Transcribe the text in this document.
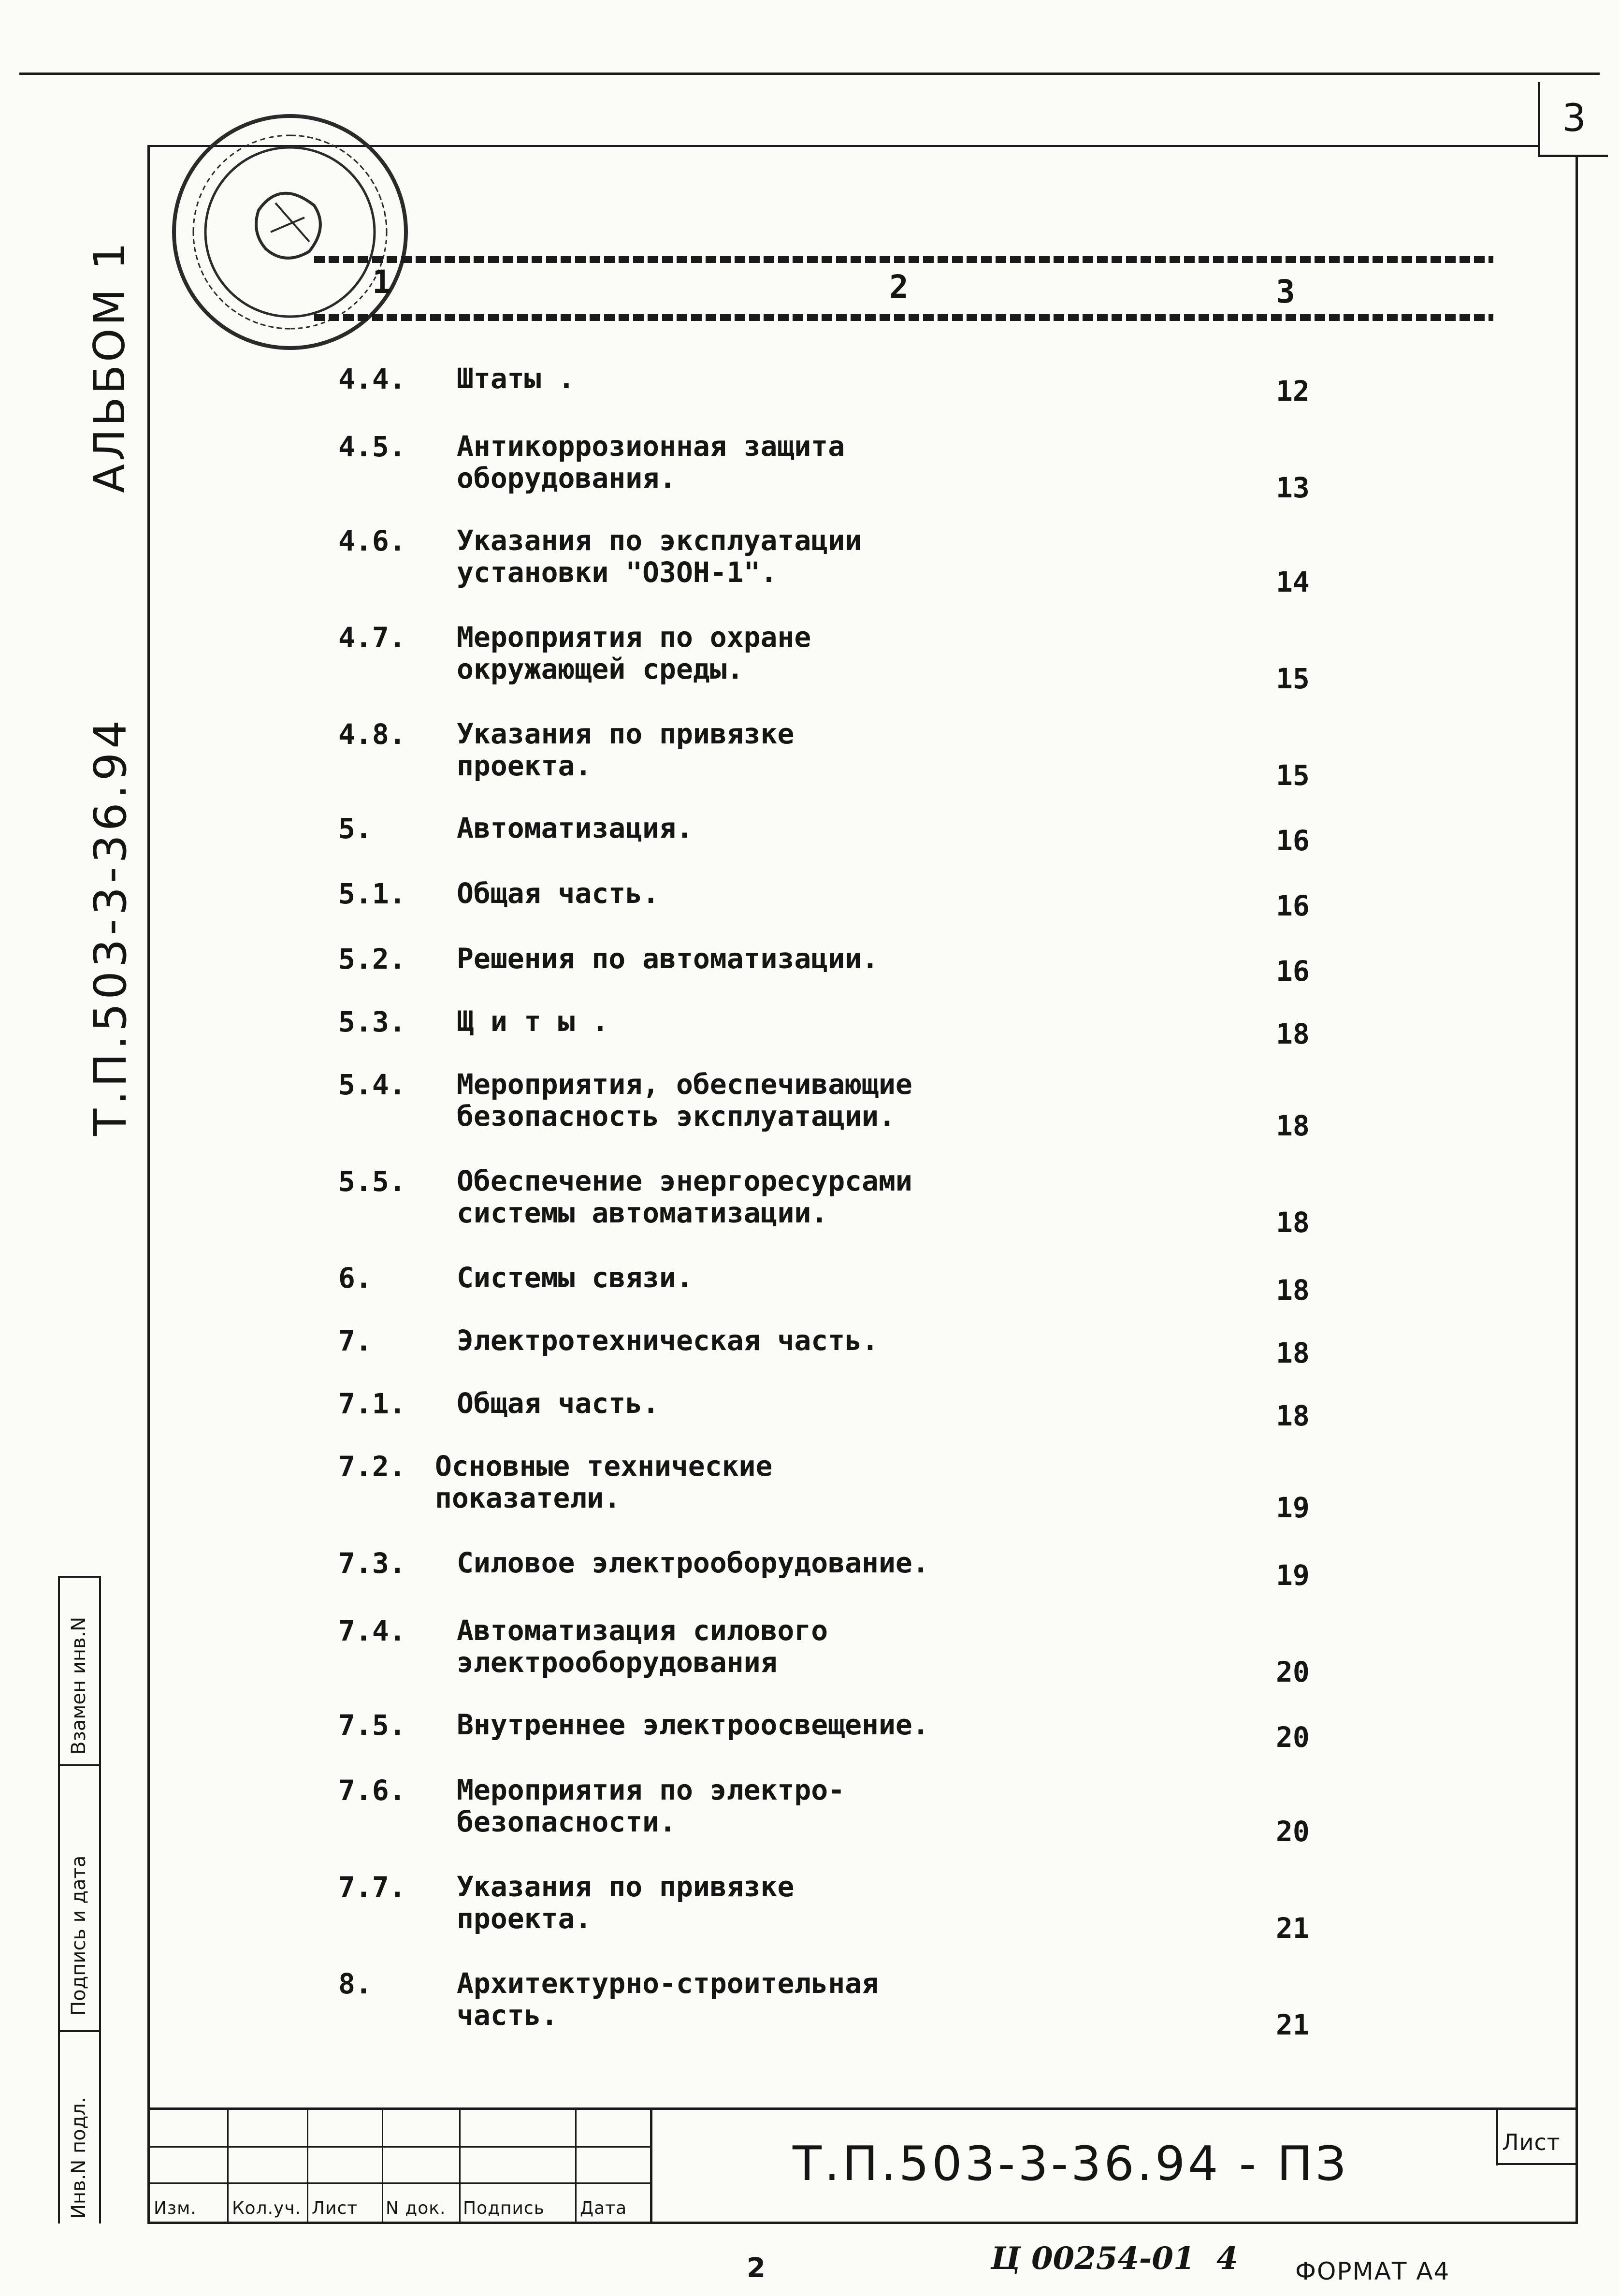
3
АЛЬБОМ 1
Т.П.503-3-36.94
Взамен инв.N
Подпись и дата
Инв.N подл.
1	2	3
4.4. Штаты .	12
4.5. Антикоррозионная защита
оборудования.	13
4.6. Указания по эксплуатации
установки "ОЗОН-1".	14
4.7. Мероприятия по охране
окружающей среды.	15
4.8. Указания по привязке
проекта.	15
5.	Автоматизация.	16
5.1. Общая часть.	16
5.2. Решения по автоматизации.	16
5.3. Щ и т ы .	18
5.4. Мероприятия, обеспечивающие
безопасность эксплуатации.	18
5.5. Обеспечение энергоресурсами
системы автоматизации.	18
6.	Системы связи.	18
7.	Электротехническая часть.	18
7.1. Общая часть.	18
7.2. Основные технические
показатели.	19
7.3. Силовое электрооборудование.	19
7.4. Автоматизация силового
электрооборудования	20
7.5. Внутреннее электроосвещение.	20
7.6. Мероприятия по электро-
безопасности.	20
7.7. Указания по привязке
проекта.	21
8.	Архитектурно-строительная
часть.	21
Изм. Кол.уч. Лист N док. Подпись Дата
Т.П.503-3-36.94 - ПЗ	Лист
2	Ц 00254-01  4 ФОРМАТ А4
